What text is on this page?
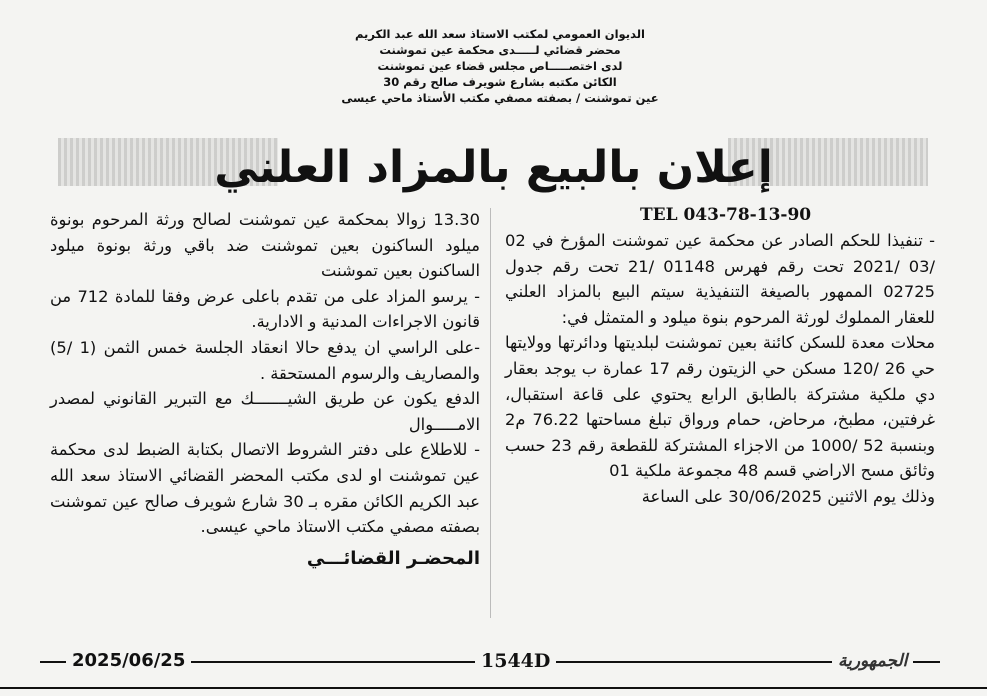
الديوان العمومي لمكتب الاستاذ سعد الله عبد الكريم
محضر قضائي لـــــدى محكمة عين تموشنت
لدى اختصـــــاص مجلس قضاء عين تموشنت
الكائن مكتبه بشارع شويرف صالح رقم 30
عين تموشنت / بصفته مصفي مكتب الأستاذ ماحي عيسى
إعلان بالبيع بالمزاد العلني
TEL 043-78-13-90

- تنفيذا للحكم الصادر عن محكمة عين تموشنت المؤرخ في 02 /03 /2021 تحت رقم فهرس 01148 /21 تحت رقم جدول 02725 الممهور بالصيغة التنفيذية سيتم البيع بالمزاد العلني للعقار المملوك لورثة المرحوم بنوة ميلود و المتمثل في:

محلات معدة للسكن كائنة بعين تموشنت لبلديتها ودائرتها وولايتها حي 26 /120 مسكن حي الزيتون رقم 17 عمارة ب يوجد بعقار دي ملكية مشتركة بالطابق الرابع يحتوي على قاعة استقبال، غرفتين، مطبخ، مرحاض، حمام ورواق تبلغ مساحتها 76.22 م2 وبنسبة 52 /1000 من الاجزاء المشتركة للقطعة رقم 23 حسب وثائق مسح الاراضي قسم 48 مجموعة ملكية 01

وذلك يوم الاثنين 30/06/2025 على الساعة

13.30 زوالا بمحكمة عين تموشنت لصالح ورثة المرحوم بونوة ميلود الساكنون بعين تموشنت ضد باقي ورثة بونوة ميلود الساكنون بعين تموشنت

- يرسو المزاد على من تقدم باعلى عرض وفقا للمادة 712 من قانون الاجراءات المدنية و الادارية.

-على الراسي ان يدفع حالا انعقاد الجلسة خمس الثمن (1 /5) والمصاريف والرسوم المستحقة .

الدفع يكون عن طريق الشيـــــــك مع التبرير القانوني لمصدر الامـــــوال

- للاطلاع على دفتر الشروط الاتصال بكتابة الضبط لدى محكمة عين تموشنت او لدى مكتب المحضر القضائي الاستاذ سعد الله عبد الكريم الكائن مقره بـ 30 شارع شويرف صالح عين تموشنت بصفته مصفي مكتب الاستاذ ماحي عيسى.

المحضـر القضائـــي
2025/06/25	1544D	الجمهورية
